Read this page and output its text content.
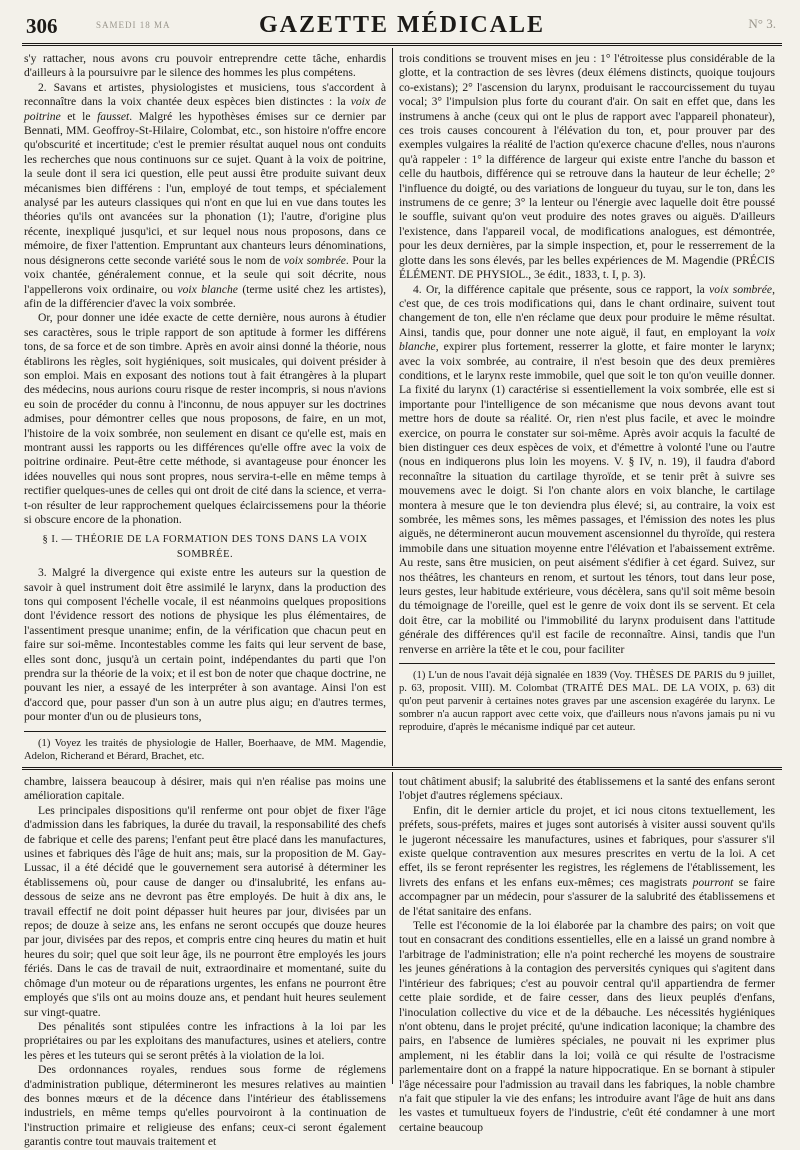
306	SAMEDI 18 MA	GAZETTE MÉDICALE	N° 3.

s'y rattacher, nous avons cru pouvoir entreprendre cette tâche, enhardis d'ailleurs à la poursuivre par le silence des hommes les plus compétens.

2. Savans et artistes, physiologistes et musiciens, tous s'accordent à reconnaître dans la voix chantée deux espèces bien distinctes : la voix de poitrine et le fausset. Malgré les hypothèses émises sur ce dernier par Bennati, MM. Geoffroy-St-Hilaire, Colombat, etc., son histoire n'offre encore qu'obscurité et incertitude; c'est le premier résultat auquel nous ont conduits les recherches que nous continuons sur ce sujet. Quant à la voix de poitrine, la seule dont il sera ici question, elle peut aussi être produite suivant deux mécanismes bien différens : l'un, employé de tout temps, et spécialement analysé par les auteurs classiques qui n'ont en que lui en vue dans toutes les théories qu'ils ont avancées sur la phonation (1); l'autre, d'origine plus récente, inexpliqué jusqu'ici, et sur lequel nous nous proposons, dans ce mémoire, de fixer l'attention. Empruntant aux chanteurs leurs dénominations, nous désignerons cette seconde variété sous le nom de voix sombrée. Pour la voix chantée, généralement connue, et la seule qui soit décrite, nous l'appellerons voix ordinaire, ou voix blanche (terme usité chez les artistes), afin de la différencier d'avec la voix sombrée.

Or, pour donner une idée exacte de cette dernière, nous aurons à étudier ses caractères, sous le triple rapport de son aptitude à former les différens tons, de sa force et de son timbre. Après en avoir ainsi donné la théorie, nous établirons les règles, soit hygiéniques, soit musicales, qui doivent présider à son emploi. Mais en exposant des notions tout à fait étrangères à la plupart des médecins, nous aurions couru risque de rester incompris, si nous n'avions eu soin de procéder du connu à l'inconnu, de nous appuyer sur les doctrines admises, pour démontrer celles que nous proposons, de faire, en un mot, l'histoire de la voix sombrée, non seulement en disant ce qu'elle est, mais en montrant aussi les rapports ou les différences qu'elle offre avec la voix de poitrine ordinaire. Peut-être cette méthode, si avantageuse pour énoncer les idées nouvelles qui nous sont propres, nous servira-t-elle en même temps à rectifier quelques-unes de celles qui ont droit de cité dans la science, et verra-t-on résulter de leur rapprochement quelques éclaircissemens pour la théorie si obscure encore de la phonation.

§ I. — THÉORIE DE LA FORMATION DES TONS DANS LA VOIX SOMBRÉE.

3. Malgré la divergence qui existe entre les auteurs sur la question de savoir à quel instrument doit être assimilé le larynx, dans la production des tons qui composent l'échelle vocale, il est néanmoins quelques propositions dont l'évidence ressort des notions de physique les plus élémentaires, de l'assentiment presque unanime; enfin, de la vérification que chacun peut en faire sur soi-même. Incontestables comme les faits qui leur servent de base, elles sont donc, jusqu'à un certain point, indépendantes du parti que l'on prendra sur la théorie de la voix; et il est bon de noter que chaque doctrine, ne pouvant les nier, a essayé de les interpréter à son avantage. Ainsi l'on est d'accord que, pour passer d'un son à un autre plus aigu; en d'autres termes, pour monter d'un ou de plusieurs tons,

(1) Voyez les traités de physiologie de Haller, Boerhaave, de MM. Magendie, Adelon, Richerand et Bérard, Brachet, etc.

trois conditions se trouvent mises en jeu : 1° l'étroitesse plus considérable de la glotte, et la contraction de ses lèvres (deux élémens distincts, quoique toujours co-existans); 2° l'ascension du larynx, produisant le raccourcissement du tuyau vocal; 3° l'impulsion plus forte du courant d'air. On sait en effet que, dans les instrumens à anche (ceux qui ont le plus de rapport avec l'appareil phonateur), ces trois causes concourent à l'élévation du ton, et, pour prouver par des exemples vulgaires la réalité de l'action qu'exerce chacune d'elles, nous n'aurons qu'à rappeler : 1° la différence de largeur qui existe entre l'anche du basson et celle du hautbois, différence qui se retrouve dans la hauteur de leur échelle; 2° l'influence du doigté, ou des variations de longueur du tuyau, sur le ton, dans les instrumens de ce genre; 3° la lenteur ou l'énergie avec laquelle doit être poussé le souffle, suivant qu'on veut produire des notes graves ou aiguës. D'ailleurs l'existence, dans l'appareil vocal, de modifications analogues, est démontrée, pour les deux dernières, par la simple inspection, et, pour le resserrement de la glotte dans les sons élevés, par les belles expériences de M. Magendie (PRÉCIS ÉLÉMENT. DE PHYSIOL., 3e édit., 1833, t. I, p. 3).

4. Or, la différence capitale que présente, sous ce rapport, la voix sombrée, c'est que, de ces trois modifications qui, dans le chant ordinaire, suivent tout changement de ton, elle n'en réclame que deux pour produire le même résultat. Ainsi, tandis que, pour donner une note aiguë, il faut, en employant la voix blanche, expirer plus fortement, resserrer la glotte, et faire monter le larynx; avec la voix sombrée, au contraire, il n'est besoin que des deux premières conditions, et le larynx reste immobile, quel que soit le ton qu'on veuille donner. La fixité du larynx (1) caractérise si essentiellement la voix sombrée, elle est si importante pour l'intelligence de son mécanisme que nous devons avant tout mettre hors de doute sa réalité. Or, rien n'est plus facile, et avec le moindre exercice, on pourra le constater sur soi-même. Après avoir acquis la faculté de bien distinguer ces deux espèces de voix, et d'émettre à volonté l'une ou l'autre (nous en indiquerons plus loin les moyens. V. § IV, n. 19), il faudra d'abord reconnaître la situation du cartilage thyroïde, et se tenir prêt à suivre ses mouvemens avec le doigt. Si l'on chante alors en voix blanche, le cartilage montera à mesure que le ton deviendra plus élevé; si, au contraire, la voix est sombrée, les mêmes sons, les mêmes passages, et l'émission des notes les plus aiguës, ne détermineront aucun mouvement ascensionnel du thyroïde, qui restera immobile dans une situation moyenne entre l'élévation et l'abaissement extrême. Au reste, sans être musicien, on peut aisément s'édifier à cet égard. Suivez, sur nos théâtres, les chanteurs en renom, et surtout les ténors, tout dans leur pose, leurs gestes, leur habitude extérieure, vous décèlera, sans qu'il soit même besoin du témoignage de l'oreille, quel est le genre de voix dont ils se servent. Et cela doit être, car la mobilité ou l'immobilité du larynx produisent dans l'attitude générale des différences qu'il est facile de reconnaître. Ainsi, tandis que l'un renverse en arrière la tête et le cou, pour faciliter

(1) L'un de nous l'avait déjà signalée en 1839 (Voy. THÈSES DE PARIS du 9 juillet, p. 63, proposit. VIII). M. Colombat (TRAITÉ DES MAL. DE LA VOIX, p. 63) dit qu'on peut parvenir à certaines notes graves par une ascension exagérée du larynx. Le sombrer n'a aucun rapport avec cette voix, que d'ailleurs nous n'avons jamais pu ni vu reproduire, d'après le mécanisme indiqué par cet auteur.

chambre, laissera beaucoup à désirer, mais qui n'en réalise pas moins une amélioration capitale.

Les principales dispositions qu'il renferme ont pour objet de fixer l'âge d'admission dans les fabriques, la durée du travail, la responsabilité des chefs de fabrique et celle des parens; l'enfant peut être placé dans les manufactures, usines et fabriques dès l'âge de huit ans; mais, sur la proposition de M. Gay-Lussac, il a été décidé que le gouvernement sera autorisé à déterminer les établissemens où, pour cause de danger ou d'insalubrité, les enfans au-dessous de seize ans ne devront pas être employés. De huit à dix ans, le travail effectif ne doit point dépasser huit heures par jour, divisées par un repos; de douze à seize ans, les enfans ne seront occupés que douze heures par jour, divisées par des repos, et compris entre cinq heures du matin et huit heures du soir; quel que soit leur âge, ils ne pourront être employés les jours fériés. Dans le cas de travail de nuit, extraordinaire et momentané, suite du chômage d'un moteur ou de réparations urgentes, les enfans ne pourront être employés que s'ils ont au moins douze ans, et pendant huit heures seulement sur vingt-quatre.

Des pénalités sont stipulées contre les infractions à la loi par les propriétaires ou par les exploitans des manufactures, usines et ateliers, contre les pères et les tuteurs qui se seront prêtés à la violation de la loi.

Des ordonnances royales, rendues sous forme de réglemens d'administration publique, détermineront les mesures relatives au maintien des bonnes mœurs et de la décence dans l'intérieur des établissemens industriels, en même temps qu'elles pourvoiront à la continuation de l'instruction primaire et religieuse des enfans; ceux-ci seront également garantis contre tout mauvais traitement et

tout châtiment abusif; la salubrité des établissemens et la santé des enfans seront l'objet d'autres réglemens spéciaux.

Enfin, dit le dernier article du projet, et ici nous citons textuellement, les préfets, sous-préfets, maires et juges sont autorisés à visiter aussi souvent qu'ils le jugeront nécessaire les manufactures, usines et fabriques, pour s'assurer s'il existe quelque contravention aux mesures prescrites en vertu de la loi. A cet effet, ils se feront représenter les registres, les réglemens de l'établissement, les livrets des enfans et les enfans eux-mêmes; ces magistrats pourront se faire accompagner par un médecin, pour s'assurer de la salubrité des établissemens et de l'état sanitaire des enfans.

Telle est l'économie de la loi élaborée par la chambre des pairs; on voit que tout en consacrant des conditions essentielles, elle en a laissé un grand nombre à l'arbitrage de l'administration; elle n'a point recherché les moyens de soustraire les jeunes générations à la contagion des perversités cyniques qui s'agitent dans l'intérieur des fabriques; c'est au pouvoir central qu'il appartiendra de fermer cette plaie sordide, et de faire cesser, dans des lieux peuplés d'enfans, l'inoculation collective du vice et de la débauche. Les nécessités hygiéniques n'ont obtenu, dans le projet précité, qu'une indication laconique; la chambre des pairs, en l'absence de lumières spéciales, ne pouvait ni les exprimer plus amplement, ni les établir dans la loi; voilà ce qui résulte de l'ostracisme parlementaire dont on a frappé la nature hippocratique. En se bornant à stipuler l'âge nécessaire pour l'admission au travail dans les fabriques, la noble chambre n'a fait que stipuler la vie des enfans; les introduire avant l'âge de huit ans dans les vastes et tumultueux foyers de l'industrie, c'eût été condamner à une mort certaine beaucoup
